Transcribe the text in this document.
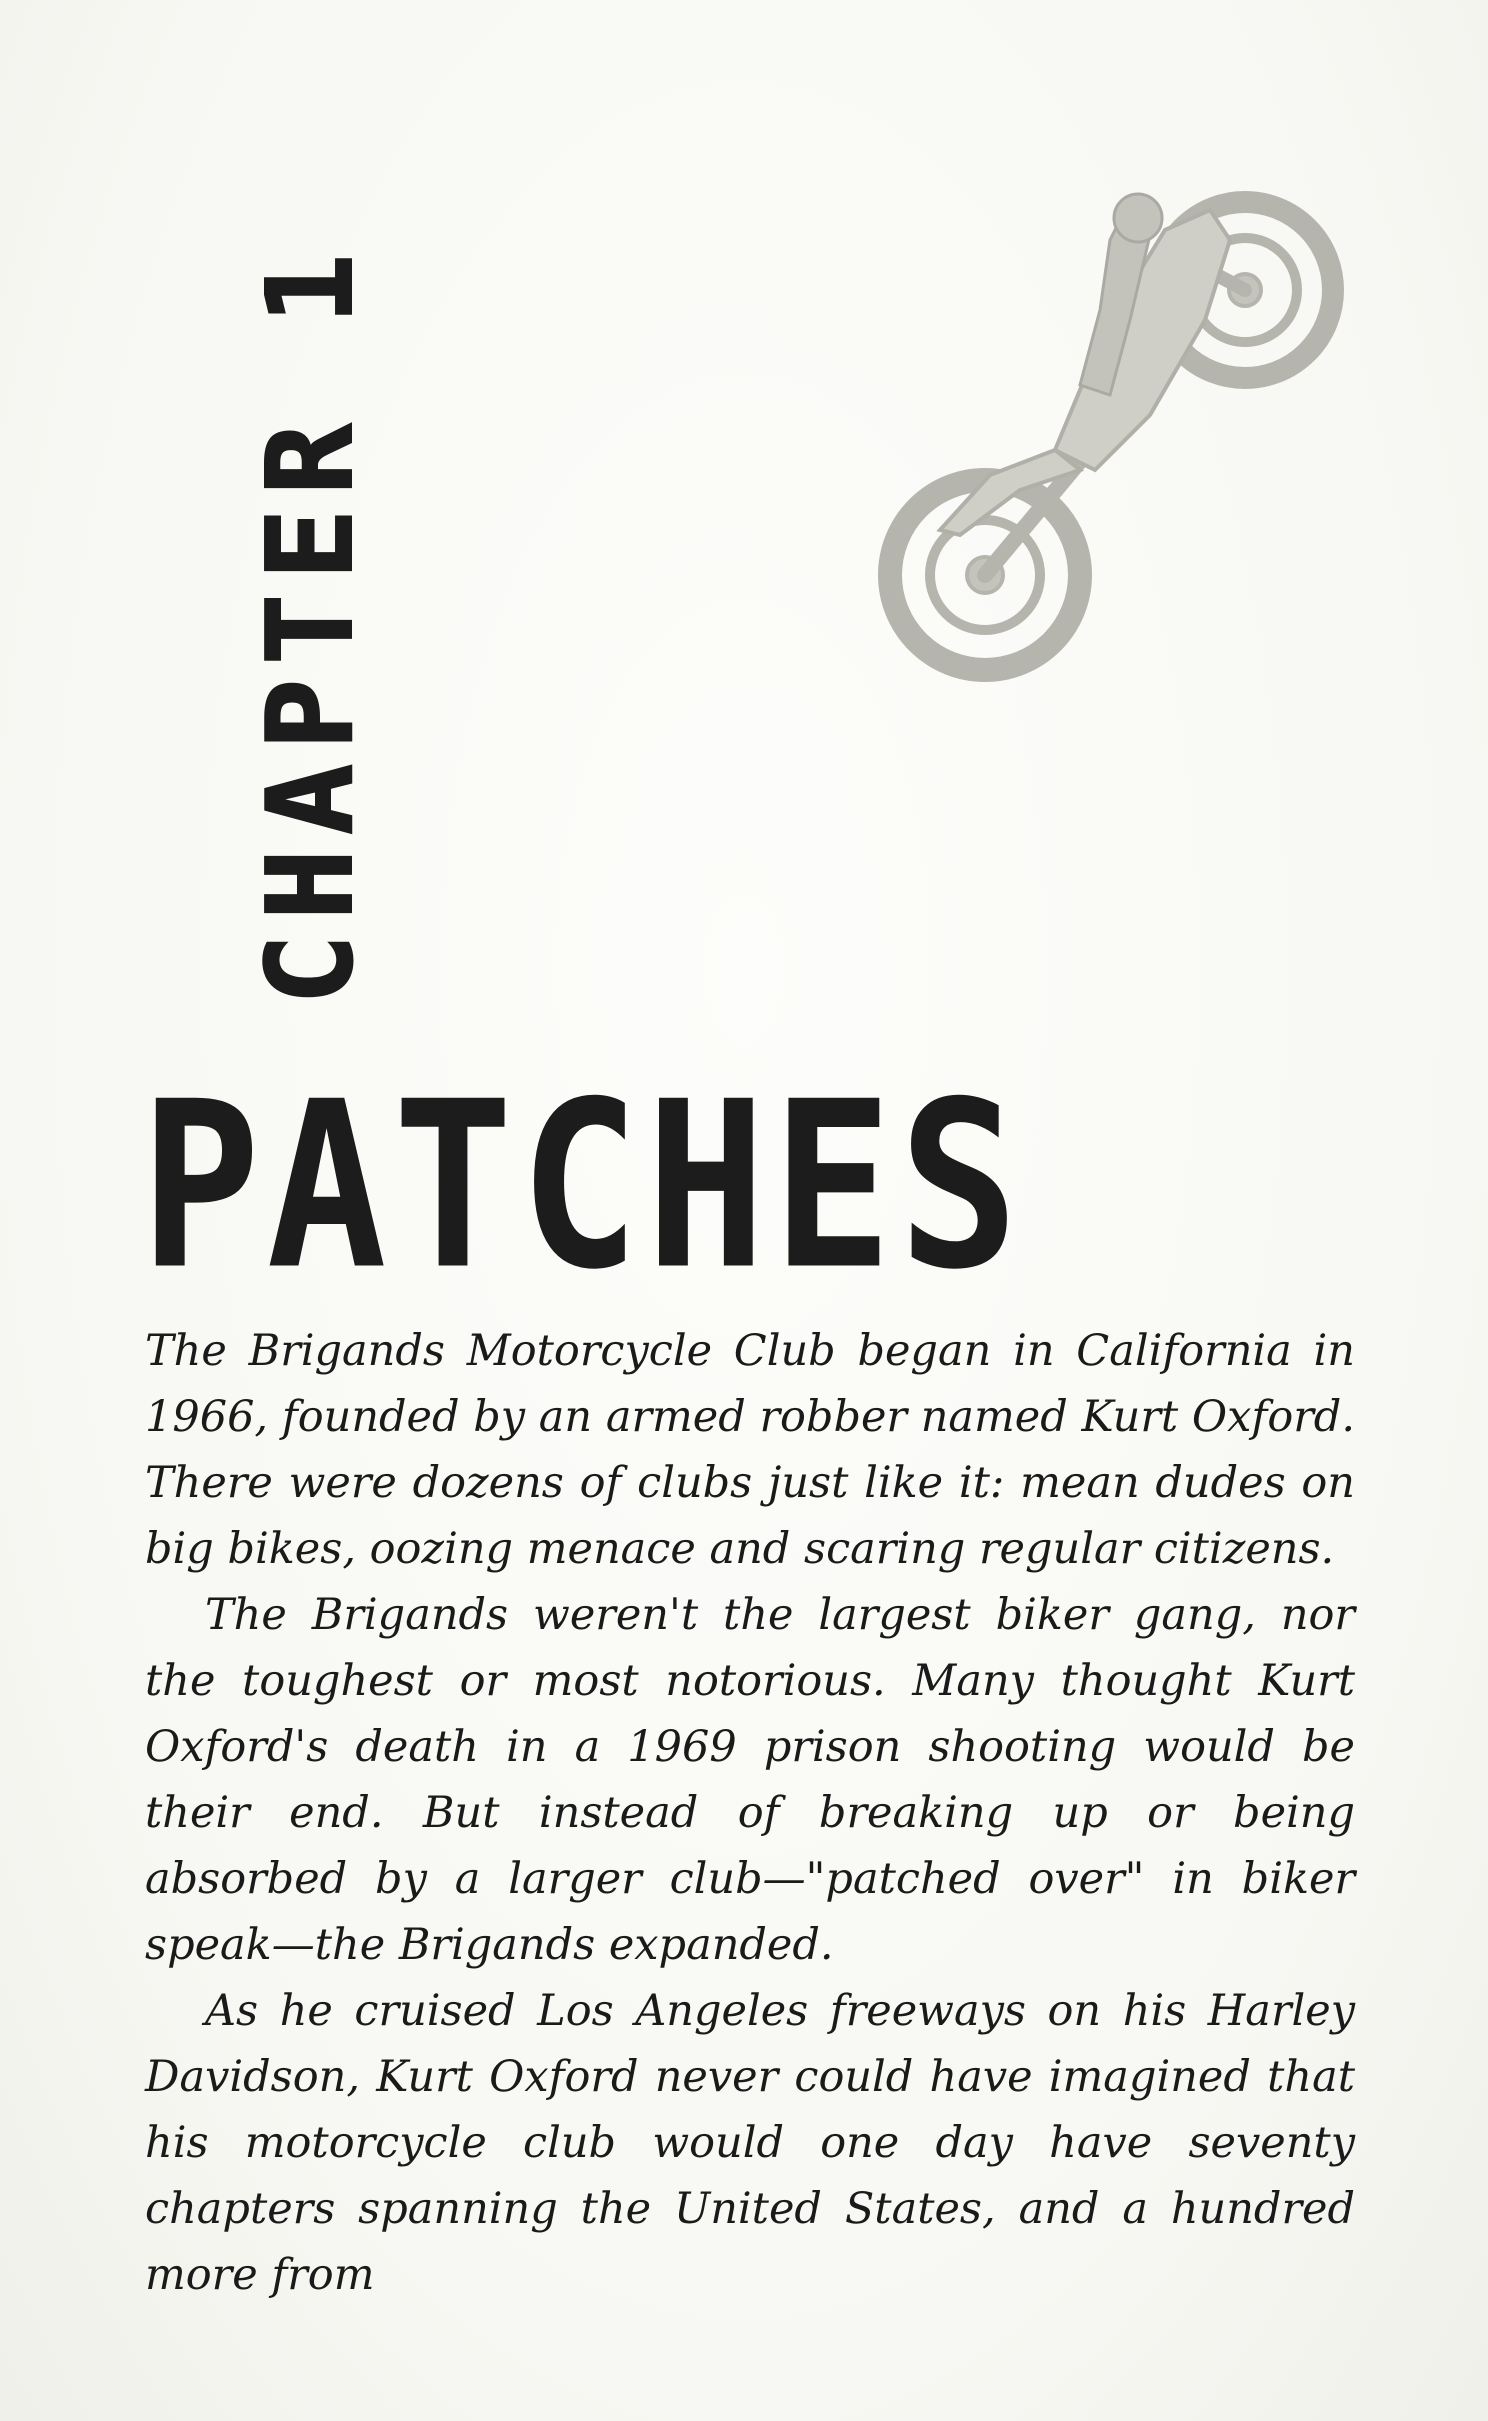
CHAPTER 1
PATCHES

The Brigands Motorcycle Club began in California in 1966, founded by an armed robber named Kurt Oxford. There were dozens of clubs just like it: mean dudes on big bikes, oozing menace and scaring regular citizens.

The Brigands weren't the largest biker gang, nor the toughest or most notorious. Many thought Kurt Oxford's death in a 1969 prison shooting would be their end. But instead of breaking up or being absorbed by a larger club—"patched over" in biker speak—the Brigands expanded.

As he cruised Los Angeles freeways on his Harley Davidson, Kurt Oxford never could have imagined that his motorcycle club would one day have seventy chapters spanning the United States, and a hundred more from
